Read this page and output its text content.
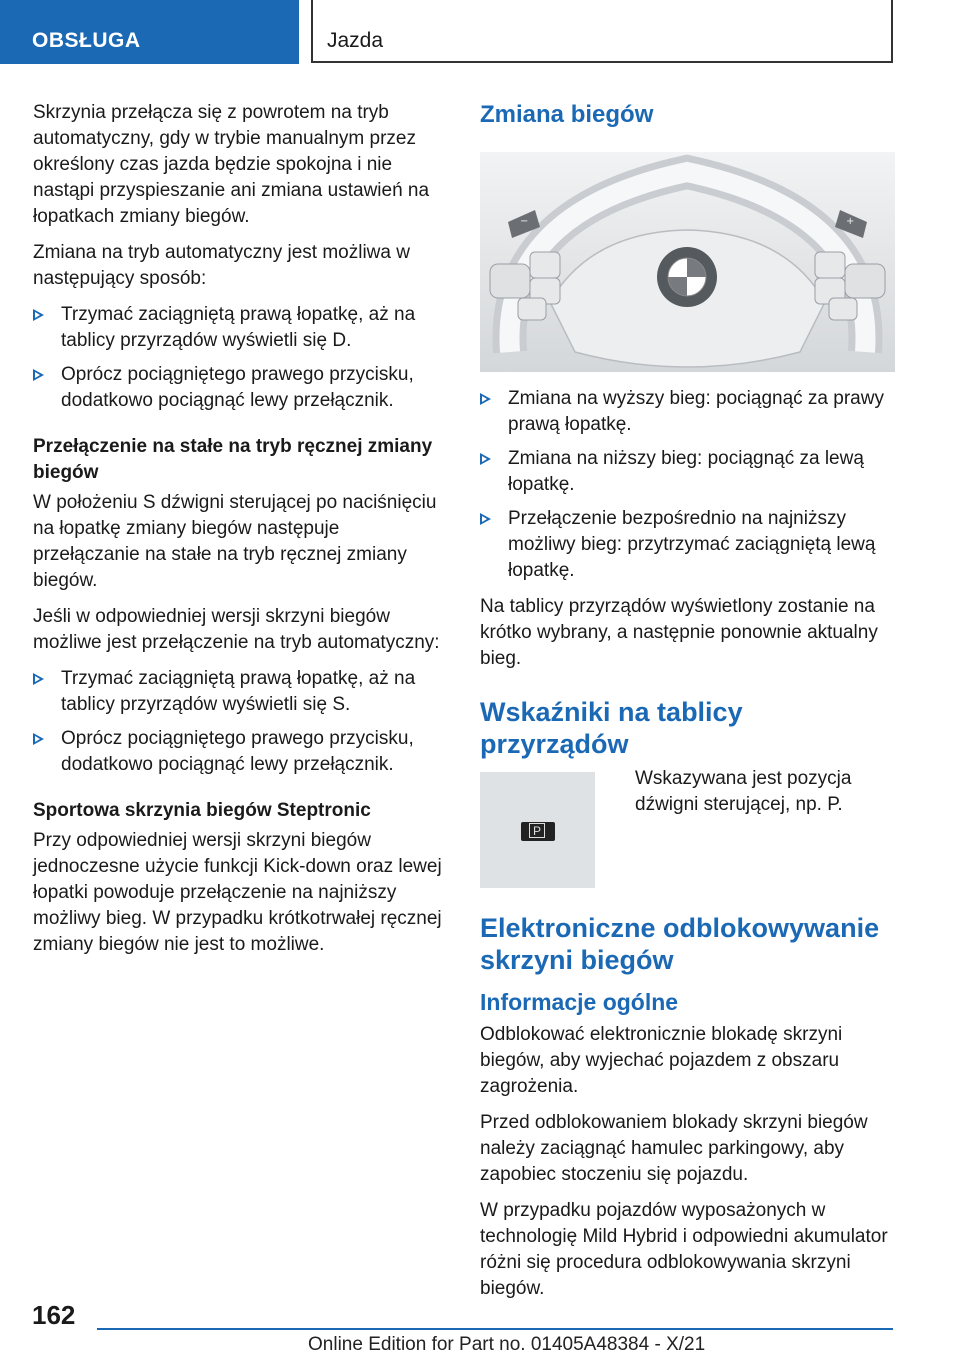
OBSŁUGA	Jazda

Skrzynia przełącza się z powrotem na tryb automatyczny, gdy w trybie manualnym przez określony czas jazda będzie spokojna i nie nastąpi przyspieszanie ani zmiana ustawień na łopatkach zmiany biegów.

Zmiana na tryb automatyczny jest możliwa w następujący sposób:

Trzymać zaciągniętą prawą łopatkę, aż na tablicy przyrządów wyświetli się D.
Oprócz pociągniętego prawego przycisku, dodatkowo pociągnąć lewy przełącznik.
Przełączenie na stałe na tryb ręcznej zmiany biegów

W położeniu S dźwigni sterującej po naciśnięciu na łopatkę zmiany biegów następuje przełączanie na stałe na tryb ręcznej zmiany biegów.

Jeśli w odpowiedniej wersji skrzyni biegów możliwe jest przełączenie na tryb automatyczny:

Trzymać zaciągniętą prawą łopatkę, aż na tablicy przyrządów wyświetli się S.
Oprócz pociągniętego prawego przycisku, dodatkowo pociągnąć lewy przełącznik.
Sportowa skrzynia biegów Steptronic

Przy odpowiedniej wersji skrzyni biegów jednoczesne użycie funkcji Kick-down oraz lewej łopatki powoduje przełączenie na najniższy możliwy bieg. W przypadku krótkotrwałej ręcznej zmiany biegów nie jest to możliwe.

Zmiana biegów
−	+
Zmiana na wyższy bieg: pociągnąć za prawy prawą łopatkę.
Zmiana na niższy bieg: pociągnąć za lewą łopatkę.
Przełączenie bezpośrednio na najniższy możliwy bieg: przytrzymać zaciągniętą lewą łopatkę.

Na tablicy przyrządów wyświetlony zostanie na krótko wybrany, a następnie ponownie aktualny bieg.

Wskaźniki na tablicy przyrządów
P
Wskazywana jest pozycja dźwigni sterującej, np. P.
Elektroniczne odblokowywanie skrzyni biegów
Informacje ogólne

Odblokować elektronicznie blokadę skrzyni biegów, aby wyjechać pojazdem z obszaru zagrożenia.

Przed odblokowaniem blokady skrzyni biegów należy zaciągnąć hamulec parkingowy, aby zapobiec stoczeniu się pojazdu.

W przypadku pojazdów wyposażonych w technologię Mild Hybrid i odpowiedni akumulator różni się procedura odblokowywania skrzyni biegów.

162
Online Edition for Part no. 01405A48384 - X/21
